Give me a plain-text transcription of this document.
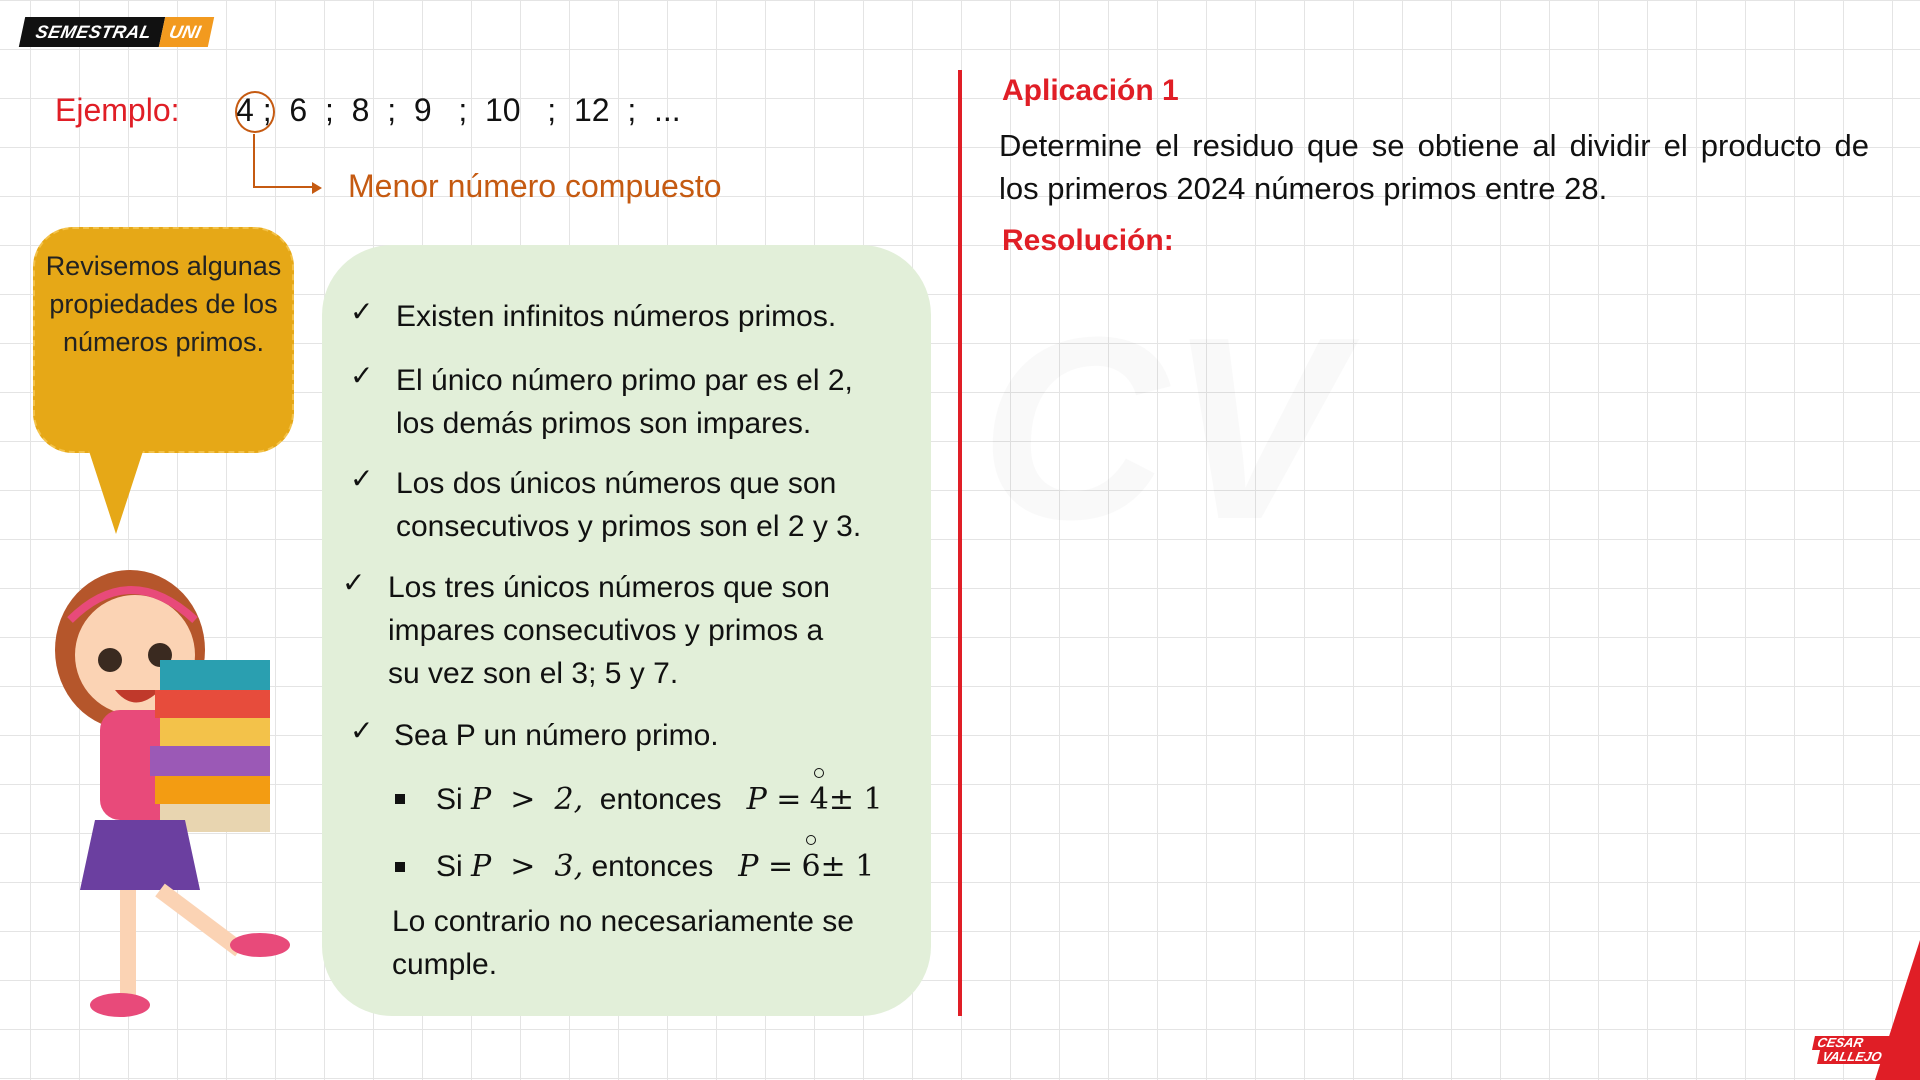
SEMESTRAL UNI
Ejemplo: 4 ;  6  ;  8  ;  9   ;  10   ;  12  ;  ...
Menor número compuesto
Revisemos algunas propiedades de los números primos.
✓ Existen infinitos números primos.
✓ El único número primo par es el 2,
los demás primos son impares.
✓ Los dos únicos números que son
consecutivos y primos son el 2 y 3.
✓ Los tres únicos números que son
impares consecutivos y primos a
su vez son el 3; 5 y 7.
✓ Sea P un número primo.
Si P  >  2, entonces P = 4± 1
Si P  >  3, entonces P = 6± 1
Lo contrario no necesariamente se
cumple.
Aplicación 1
Determine el residuo que se obtiene al dividir el producto de los primeros 2024 números primos entre 28.
Resolución:
CESAR
VALLEJO
